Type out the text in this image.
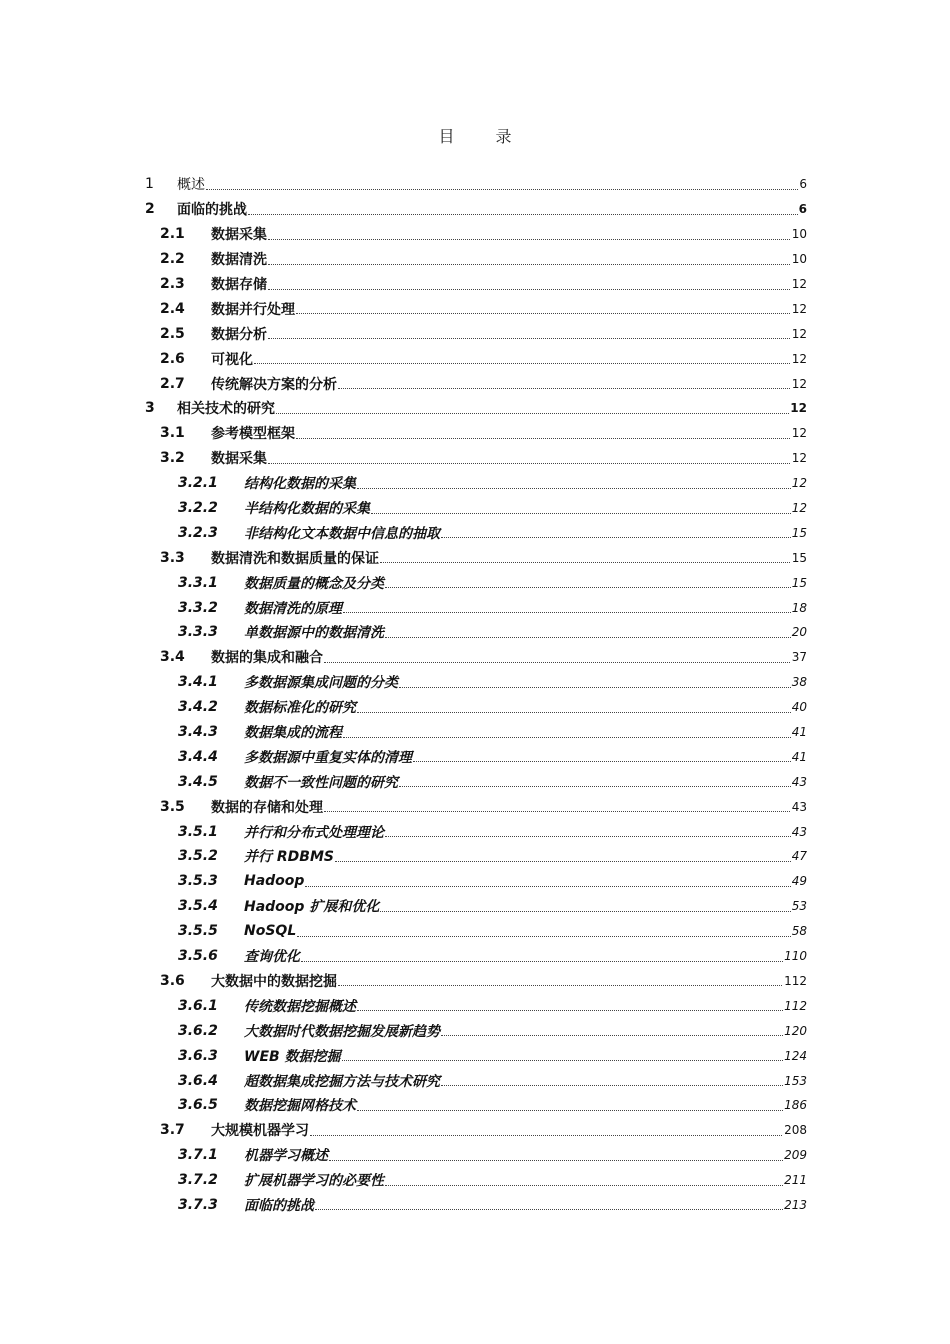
目 录
1	概述	6
2	面临的挑战	6
2.1	数据采集	10
2.2	数据清洗	10
2.3	数据存储	12
2.4	数据并行处理	12
2.5	数据分析	12
2.6	可视化	12
2.7	传统解决方案的分析	12
3	相关技术的研究	12
3.1	参考模型框架	12
3.2	数据采集	12
3.2.1	结构化数据的采集	12
3.2.2	半结构化数据的采集	12
3.2.3	非结构化文本数据中信息的抽取	15
3.3	数据清洗和数据质量的保证	15
3.3.1	数据质量的概念及分类	15
3.3.2	数据清洗的原理	18
3.3.3	单数据源中的数据清洗	20
3.4	数据的集成和融合	37
3.4.1	多数据源集成问题的分类	38
3.4.2	数据标准化的研究	40
3.4.3	数据集成的流程	41
3.4.4	多数据源中重复实体的清理	41
3.4.5	数据不一致性问题的研究	43
3.5	数据的存储和处理	43
3.5.1	并行和分布式处理理论	43
3.5.2	并行 RDBMS	47
3.5.3	Hadoop	49
3.5.4	Hadoop 扩展和优化	53
3.5.5	NoSQL	58
3.5.6	查询优化	110
3.6	大数据中的数据挖掘	112
3.6.1	传统数据挖掘概述	112
3.6.2	大数据时代数据挖掘发展新趋势	120
3.6.3	WEB 数据挖掘	124
3.6.4	超数据集成挖掘方法与技术研究	153
3.6.5	数据挖掘网格技术	186
3.7	大规模机器学习	208
3.7.1	机器学习概述	209
3.7.2	扩展机器学习的必要性	211
3.7.3	面临的挑战	213
